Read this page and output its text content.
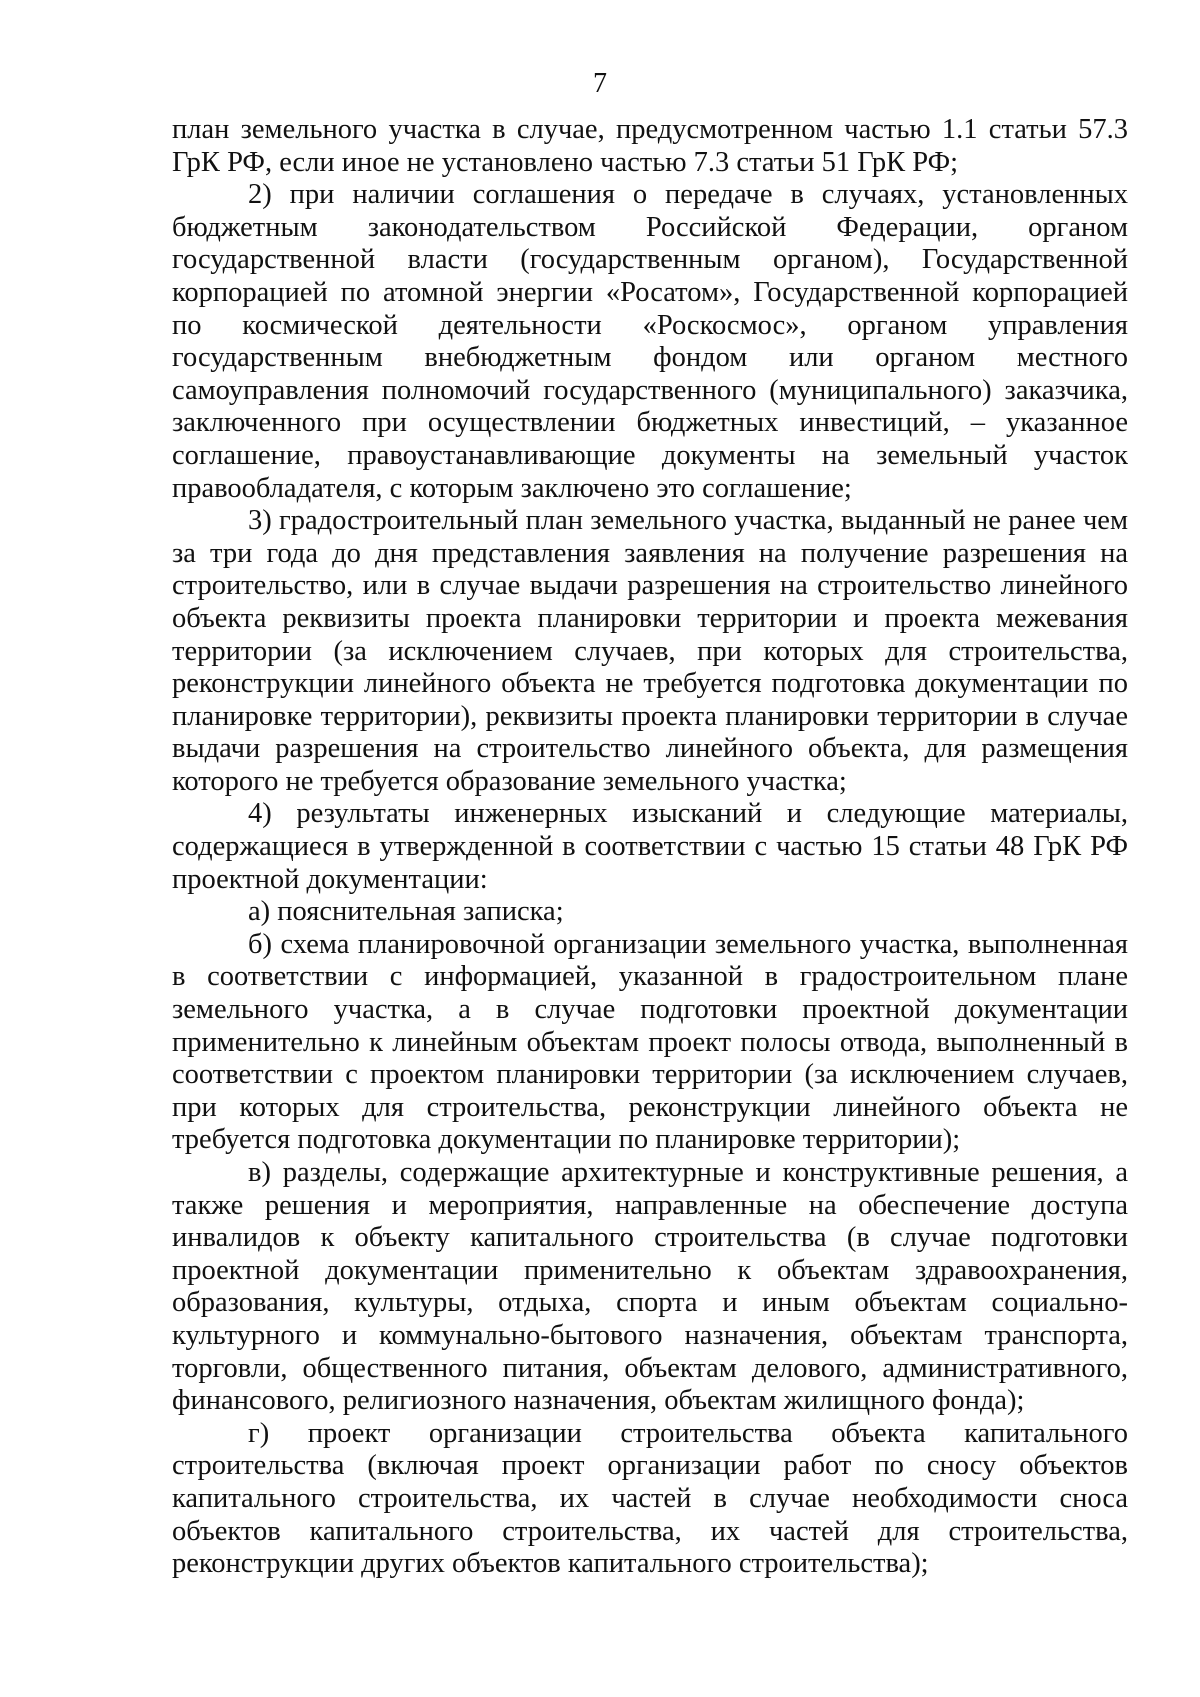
7

план земельного участка в случае, предусмотренном частью 1.1 статьи 57.3 ГрК РФ, если иное не установлено частью 7.3 статьи 51 ГрК РФ;

2) при наличии соглашения о передаче в случаях, установленных бюджетным законодательством Российской Федерации, органом государственной власти (государственным органом), Государственной корпорацией по атомной энергии «Росатом», Государственной корпорацией по космической деятельности «Роскосмос», органом управления государственным внебюджетным фондом или органом местного самоуправления полномочий государственного (муниципального) заказчика, заключенного при осуществлении бюджетных инвестиций, – указанное соглашение, правоустанавливающие документы на земельный участок правообладателя, с которым заключено это соглашение;

3) градостроительный план земельного участка, выданный не ранее чем за три года до дня представления заявления на получение разрешения на строительство, или в случае выдачи разрешения на строительство линейного объекта реквизиты проекта планировки территории и проекта межевания территории (за исключением случаев, при которых для строительства, реконструкции линейного объекта не требуется подготовка документации по планировке территории), реквизиты проекта планировки территории в случае выдачи разрешения на строительство линейного объекта, для размещения которого не требуется образование земельного участка;

4) результаты инженерных изысканий и следующие материалы, содержащиеся в утвержденной в соответствии с частью 15 статьи 48 ГрК РФ проектной документации:

а) пояснительная записка;

б) схема планировочной организации земельного участка, выполненная в соответствии с информацией, указанной в градостроительном плане земельного участка, а в случае подготовки проектной документации применительно к линейным объектам проект полосы отвода, выполненный в соответствии с проектом планировки территории (за исключением случаев, при которых для строительства, реконструкции линейного объекта не требуется подготовка документации по планировке территории);

в) разделы, содержащие архитектурные и конструктивные решения, а также решения и мероприятия, направленные на обеспечение доступа инвалидов к объекту капитального строительства (в случае подготовки проектной документации применительно к объектам здравоохранения, образования, культуры, отдыха, спорта и иным объектам социально-культурного и коммунально-бытового назначения, объектам транспорта, торговли, общественного питания, объектам делового, административного, финансового, религиозного назначения, объектам жилищного фонда);

г) проект организации строительства объекта капитального строительства (включая проект организации работ по сносу объектов капитального строительства, их частей в случае необходимости сноса объектов капитального строительства, их частей для строительства, реконструкции других объектов капитального строительства);
